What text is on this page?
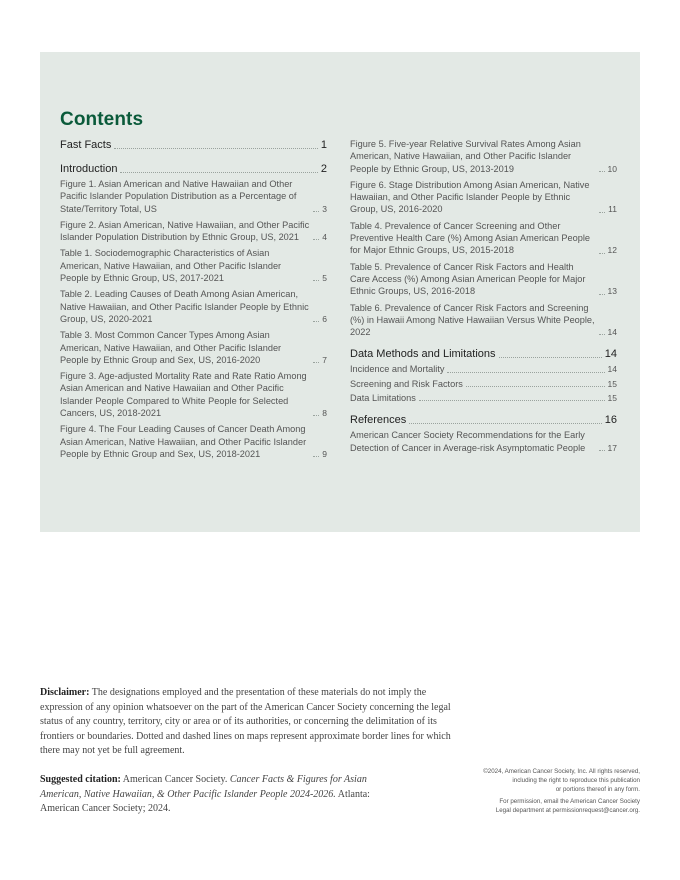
Contents
Fast Facts	1
Introduction	2
Figure 1. Asian American and Native Hawaiian and Other Pacific Islander Population Distribution as a Percentage of State/Territory Total, US	3
Figure 2. Asian American, Native Hawaiian, and Other Pacific Islander Population Distribution by Ethnic Group, US, 2021	4
Table 1. Sociodemographic Characteristics of Asian American, Native Hawaiian, and Other Pacific Islander People by Ethnic Group, US, 2017-2021	5
Table 2. Leading Causes of Death Among Asian American, Native Hawaiian, and Other Pacific Islander People by Ethnic Group, US, 2020-2021	6
Table 3. Most Common Cancer Types Among Asian American, Native Hawaiian, and Other Pacific Islander People by Ethnic Group and Sex, US, 2016-2020	7
Figure 3. Age-adjusted Mortality Rate and Rate Ratio Among Asian American and Native Hawaiian and Other Pacific Islander People Compared to White People for Selected Cancers, US, 2018-2021	8
Figure 4. The Four Leading Causes of Cancer Death Among Asian American, Native Hawaiian, and Other Pacific Islander People by Ethnic Group and Sex, US, 2018-2021	9
Figure 5. Five-year Relative Survival Rates Among Asian American, Native Hawaiian, and Other Pacific Islander People by Ethnic Group, US, 2013-2019	10
Figure 6. Stage Distribution Among Asian American, Native Hawaiian, and Other Pacific Islander People by Ethnic Group, US, 2016-2020	11
Table 4. Prevalence of Cancer Screening and Other Preventive Health Care (%) Among Asian American People for Major Ethnic Groups, US, 2015-2018	12
Table 5. Prevalence of Cancer Risk Factors and Health Care Access (%) Among Asian American People for Major Ethnic Groups, US, 2016-2018	13
Table 6. Prevalence of Cancer Risk Factors and Screening (%) in Hawaii Among Native Hawaiian Versus White People, 2022	14
Data Methods and Limitations	14
Incidence and Mortality	14
Screening and Risk Factors	15
Data Limitations	15
References	16
American Cancer Society Recommendations for the Early Detection of Cancer in Average-risk Asymptomatic People	17

Disclaimer: The designations employed and the presentation of these materials do not imply the expression of any opinion whatsoever on the part of the American Cancer Society concerning the legal status of any country, territory, city or area or of its authorities, or concerning the delimitation of its frontiers or boundaries. Dotted and dashed lines on maps represent approximate border lines for which there may not yet be full agreement.

Suggested citation: American Cancer Society. Cancer Facts & Figures for Asian American, Native Hawaiian, & Other Pacific Islander People 2024-2026. Atlanta: American Cancer Society; 2024.

©2024, American Cancer Society, Inc. All rights reserved,

including the right to reproduce this publication

or portions thereof in any form.

For permission, email the American Cancer Society

Legal department at permissionrequest@cancer.org.
